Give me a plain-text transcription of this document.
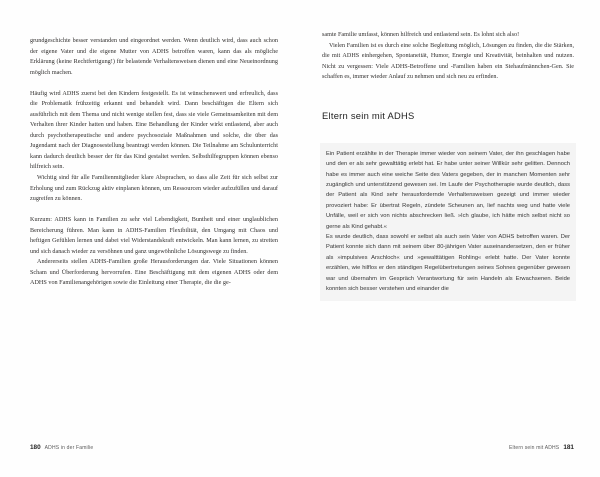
grundgeschichte besser verstanden und eingeordnet werden. Wenn deutlich wird, dass auch schon der eigene Vater und die eigene Mutter von ADHS betroffen waren, kann das als mögliche Erklärung (keine Rechtfertigung!) für belastende Verhaltensweisen dienen und eine Neueinordnung möglich machen.

Häufig wird ADHS zuerst bei den Kindern festgestellt. Es ist wünschenswert und erfreulich, dass die Problematik frühzeitig erkannt und behandelt wird. Dann beschäftigen die Eltern sich ausführlich mit dem Thema und nicht wenige stellen fest, dass sie viele Gemeinsamkeiten mit dem Verhalten ihrer Kinder hatten und haben. Eine Behandlung der Kinder wirkt entlastend, aber auch durch psychotherapeutische und andere psychosoziale Maßnahmen und solche, die über das Jugendamt nach der Diagnosestellung beantragt werden können. Die Teilnahme am Schulunterricht kann dadurch deutlich besser der für das Kind gestaltet werden. Selbsthilfegruppen können ebenso hilfreich sein.

Wichtig sind für alle Familienmitglieder klare Absprachen, so dass alle Zeit für sich selbst zur Erholung und zum Rückzug aktiv einplanen können, um Ressourcen wieder aufzufüllen und darauf zugreifen zu können.

Kurzum: ADHS kann in Familien zu sehr viel Lebendigkeit, Buntheit und einer unglaublichen Bereicherung führen. Man kann in ADHS-Familien Flexibilität, den Umgang mit Chaos und heftigen Gefühlen lernen und dabei viel Widerstandskraft entwickeln. Man kann lernen, zu streiten und sich danach wieder zu versöhnen und ganz ungewöhnliche Lösungswege zu finden.

Andererseits stellen ADHS-Familien große Herausforderungen dar. Viele Situationen können Scham und Überforderung hervorrufen. Eine Beschäftigung mit dem eigenen ADHS oder dem ADHS von Familienangehörigen sowie die Einleitung einer Therapie, die die ge-

180 ADHS in der Familie

samte Familie umfasst, können hilfreich und entlastend sein. Es lohnt sich also!

Vielen Familien ist es durch eine solche Begleitung möglich, Lösungen zu finden, die die Stärken, die mit ADHS einhergehen, Spontaneität, Humor, Energie und Kreativität, beinhalten und nutzen. Nicht zu vergessen: Viele ADHS-Betroffene und -Familien haben ein Stehaufmännchen-Gen. Sie schaffen es, immer wieder Anlauf zu nehmen und sich neu zu erfinden.

Eltern sein mit ADHS

Ein Patient erzählte in der Therapie immer wieder von seinem Vater, der ihn geschlagen habe und den er als sehr gewalttätig erlebt hat. Er habe unter seiner Willkür sehr gelitten. Dennoch habe es immer auch eine weiche Seite des Vaters gegeben, der in manchen Momenten sehr zugänglich und unterstützend gewesen sei. Im Laufe der Psychotherapie wurde deutlich, dass der Patient als Kind sehr herausfordernde Verhaltensweisen gezeigt und immer wieder provoziert habe: Er übertrat Regeln, zündete Scheunen an, lief nachts weg und hatte viele Unfälle, weil er sich von nichts abschrecken ließ. »Ich glaube, ich hätte mich selbst nicht so gerne als Kind gehabt.«

Es wurde deutlich, dass sowohl er selbst als auch sein Vater von ADHS betroffen waren. Der Patient konnte sich dann mit seinem über 80-jährigen Vater auseinandersetzen, den er früher als »impulsives Arschloch« und »gewalttätigen Rohling« erlebt hatte. Der Vater konnte erzählen, wie hilflos er den ständigen Regelübertretungen seines Sohnes gegenüber gewesen war und übernahm im Gespräch Verantwortung für sein Handeln als Erwachsenen. Beide konnten sich besser verstehen und einander die

Eltern sein mit ADHS 181
